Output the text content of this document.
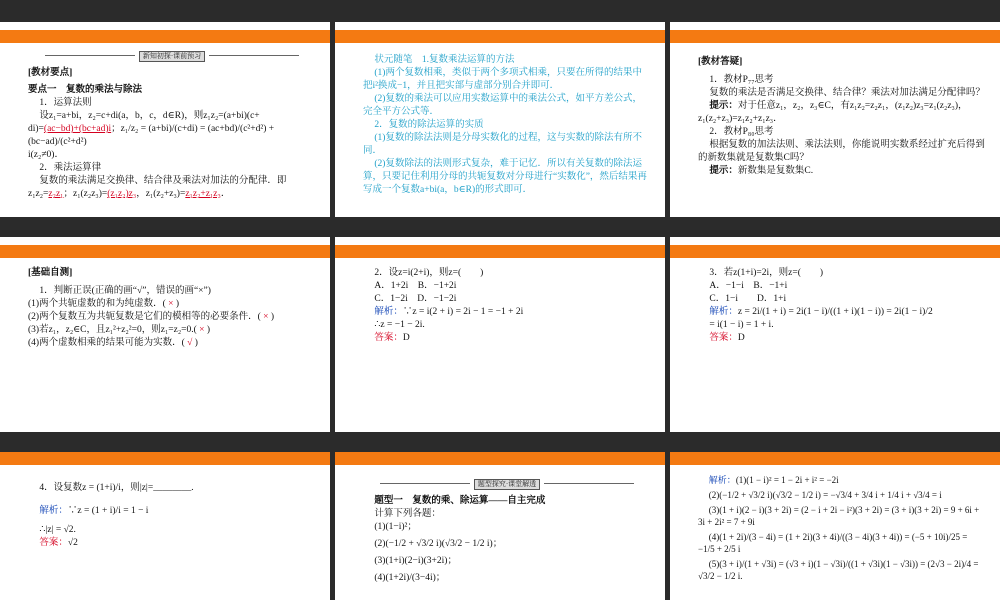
新知初探·课前预习

[教材要点]

要点一　复数的乘法与除法

1．运算法则

设z₁=a+bi，z₂=c+di(a，b，c，d∈R)，则z₁z₂=(a+bi)(c+

di)=(ac−bd)+(bc+ad)i；z₁/z₂ = (a+bi)/(c+di) = (ac+bd)/(c²+d²) + (bc−ad)/(c²+d²)

i(z₂≠0)．

2．乘法运算律

复数的乘法满足交换律、结合律及乘法对加法的分配律．即

z₁z₂=z₂z₁；z₁(z₂z₃)=(z₁z₂)z₃，z₁(z₂+z₃)=z₁z₂+z₁z₃．

状元随笔　1.复数乘法运算的方法

(1)两个复数相乘，类似于两个多项式相乘，只要在所得的结果中把i²换成−1，并且把实部与虚部分别合并即可．

(2)复数的乘法可以应用实数运算中的乘法公式，如平方差公式，完全平方公式等．

2．复数的除法运算的实质

(1)复数的除法法则是分母实数化的过程，这与实数的除法有所不同．

(2)复数除法的法则形式复杂，难于记忆．所以有关复数的除法运算，只要记住利用分母的共轭复数对分母进行“实数化”，然后结果再写成一个复数a+bi(a，b∈R)的形式即可．

[教材答疑]

1．教材P₇₇思考

复数的乘法是否满足交换律、结合律？乘法对加法满足分配律吗？

提示：对于任意z₁，z₂，z₃∈C，有z₁z₂=z₂z₁，(z₁z₂)z₃=z₁(z₂z₃)，z₁(z₂+z₃)=z₁z₂+z₁z₃．

2．教材P₈₀思考

根据复数的加法法则、乘法法则，你能说明实数系经过扩充后得到的新数集就是复数集C吗？

提示：新数集是复数集C.

[基础自测]

1．判断正误(正确的画“√”，错误的画“×”)

(1)两个共轭虚数的和为纯虚数．( × )

(2)两个复数互为共轭复数是它们的模相等的必要条件．( × )

(3)若z₁，z₂∈C，且z₁²+z₂²=0，则z₁=z₂=0.( × )

(4)两个虚数相乘的结果可能为实数．( √ )

2．设z=i(2+i)，则z=(　　)

A．1+2i　B．−1+2i

C．1−2i　D．−1−2i

解析：∵z = i(2 + i) = 2i − 1 = −1 + 2i

∴z = −1 − 2i.

答案：D

3．若z(1+i)=2i，则z=(　　)

A．−1−i　B．−1+i

C．1−i　　D．1+i

解析：z = 2i/(1 + i) = 2i(1 − i)/((1 + i)(1 − i)) = 2i(1 − i)/2

= i(1 − i) = 1 + i.

答案：D

4．设复数z = (1+i)/i，则|z|=________.

解析：∵z = (1 + i)/i = 1 − i

∴|z| = √2.

答案：√2

题型探究·课堂解透

题型一　复数的乘、除运算——自主完成

计算下列各题：

(1)(1−i)²；

(2)(−1/2 + √3/2 i)(√3/2 − 1/2 i)；

(3)(1+i)(2−i)(3+2i)；

(4)(1+2i)/(3−4i)；

解析：(1)(1 − i)² = 1 − 2i + i² = −2i

(2)(−1/2 + √3/2 i)(√3/2 − 1/2 i) = −√3/4 + 3/4 i + 1/4 i + √3/4 = i

(3)(1 + i)(2 − i)(3 + 2i) = (2 − i + 2i − i²)(3 + 2i) = (3 + i)(3 + 2i) = 9 + 6i + 3i + 2i² = 7 + 9i

(4)(1 + 2i)/(3 − 4i) = (1 + 2i)(3 + 4i)/((3 − 4i)(3 + 4i)) = (−5 + 10i)/25 = −1/5 + 2/5 i

(5)(3 + i)/(1 + √3i) = (√3 + i)(1 − √3i)/((1 + √3i)(1 − √3i)) = (2√3 − 2i)/4 = √3/2 − 1/2 i.
